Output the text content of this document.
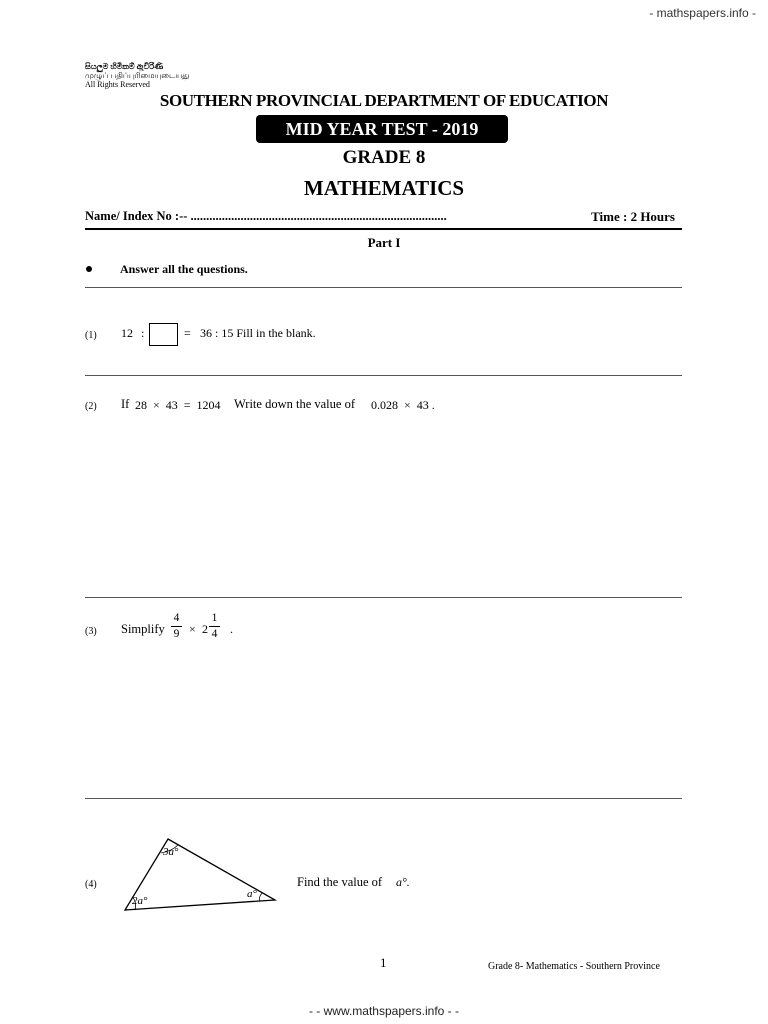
- mathspapers.info -
සියලුම හිමිකම් ඇවිරිණි
முழுப் பதிப்புரிமையுடையது
All Rights Reserved
SOUTHERN PROVINCIAL DEPARTMENT OF EDUCATION
MID YEAR TEST - 2019
GRADE 8
MATHEMATICS
Name/ Index No :-- ..................................................................................	Time : 2 Hours
Part I
Answer all the questions.
(1) 12 :	= 36 : 15 Fill in the blank.
(2) If 28  ×  43  =  1204 Write down the value of 0.028  ×  43 .
(3) Simplify
4
9 × 2
1
4 .
(4)
3a°
2a°
a°
Find the value of a°.
1	Grade 8- Mathematics - Southern Province
- - www.mathspapers.info - -
